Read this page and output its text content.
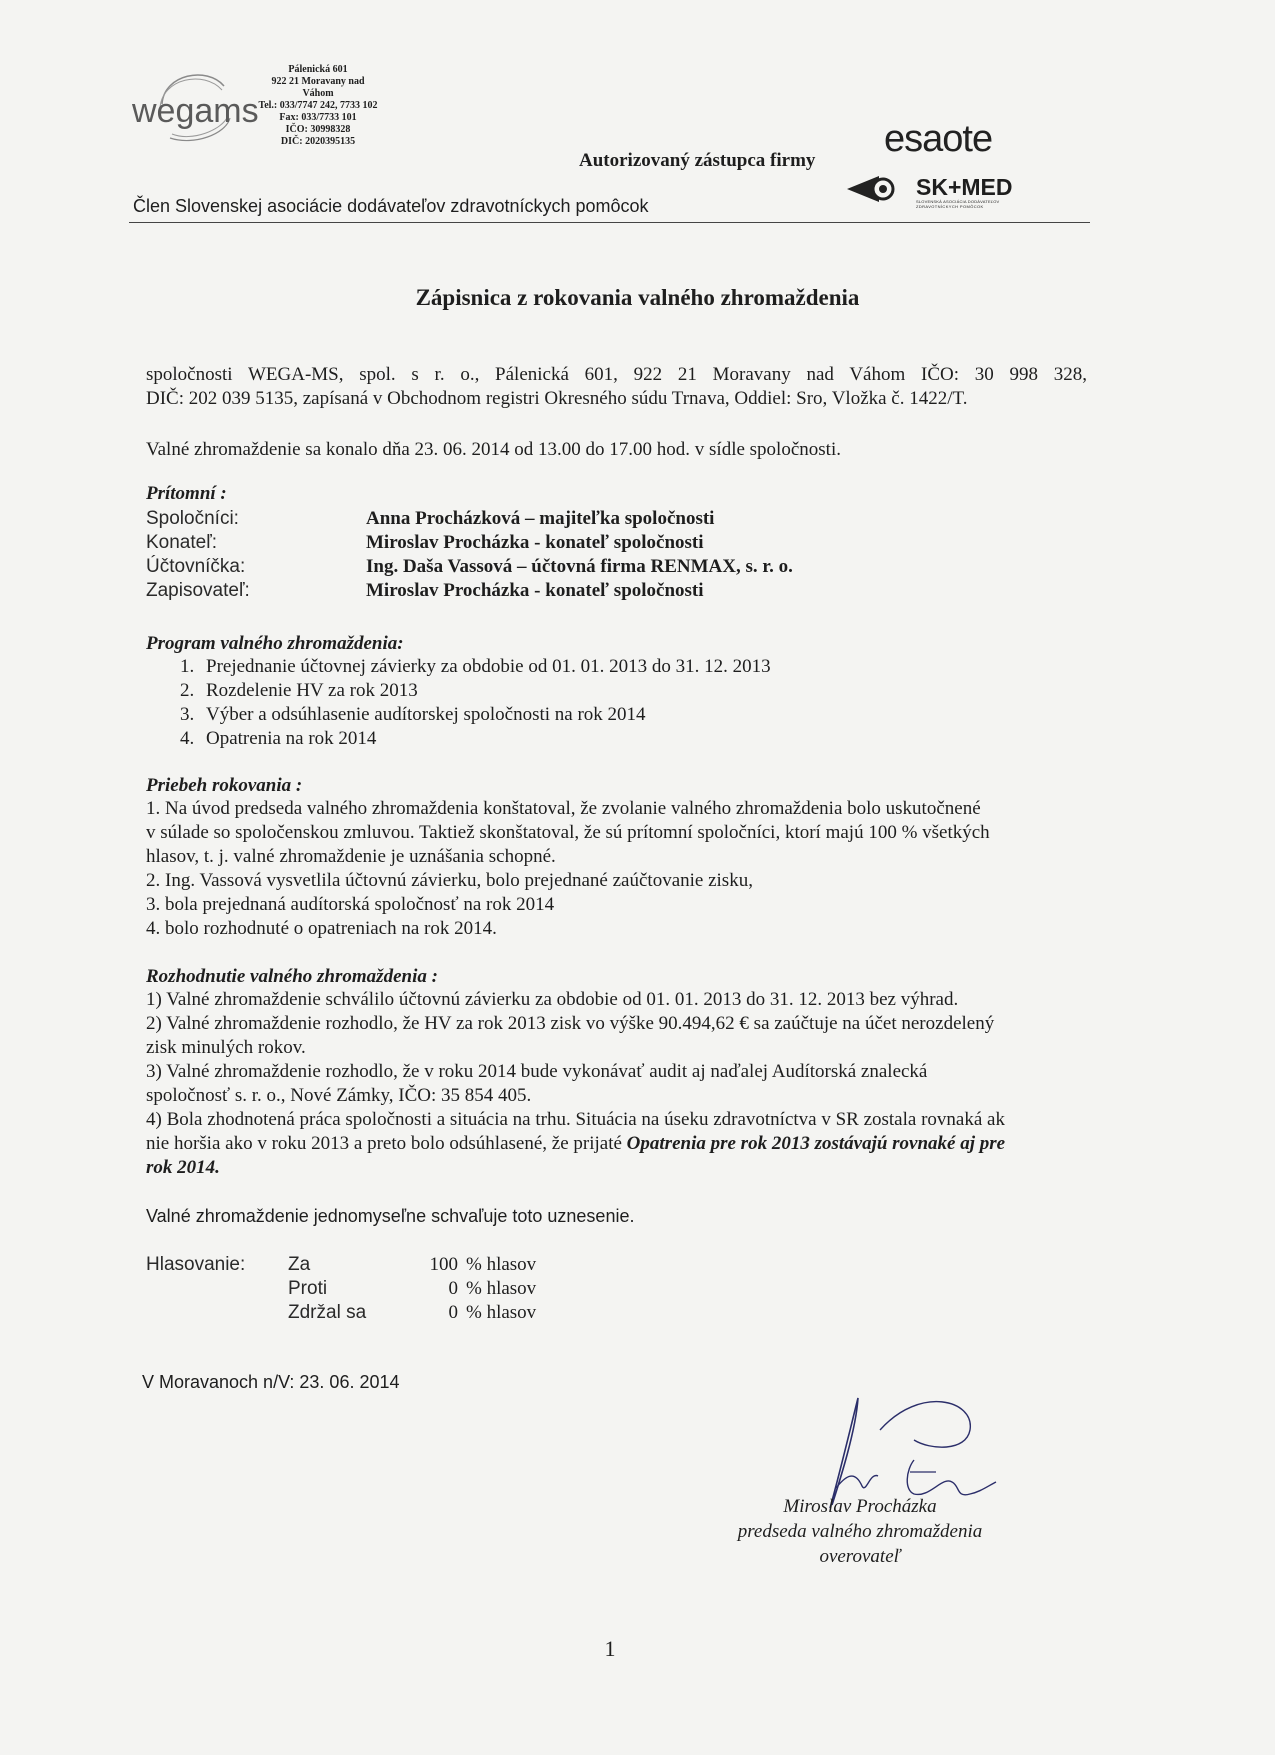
wegams
Pálenická 601
922 21 Moravany nad Váhom
Tel.: 033/7747 242, 7733 102
Fax: 033/7733 101
IČO: 30998328
DIČ: 2020395135
Autorizovaný zástupca firmy
Člen Slovenskej asociácie dodávateľov zdravotníckych pomôcok
esaote
SK+MED
SLOVENSKÁ ASOCIÁCIA DODÁVATEĽOV
ZDRAVOTNÍCKYCH POMÔCOK
Zápisnica z rokovania valného zhromaždenia
spoločnosti WEGA-MS, spol. s r. o., Pálenická 601, 922 21 Moravany nad Váhom IČO: 30 998 328,
DIČ: 202 039 5135, zapísaná v Obchodnom registri Okresného súdu Trnava, Oddiel: Sro, Vložka č. 1422/T.
Valné zhromaždenie sa konalo dňa 23. 06. 2014 od 13.00 do 17.00 hod. v sídle spoločnosti.
Prítomní :
Spoločníci:	Anna Procházková – majiteľka spoločnosti
Konateľ:	Miroslav Procházka - konateľ spoločnosti
Účtovníčka:	Ing. Daša Vassová – účtovná firma RENMAX, s. r. o.
Zapisovateľ:	Miroslav Procházka - konateľ spoločnosti
Program valného zhromaždenia:
1. Prejednanie účtovnej závierky za obdobie od 01. 01. 2013 do 31. 12. 2013
2. Rozdelenie HV za rok 2013
3. Výber a odsúhlasenie audítorskej spoločnosti na rok 2014
4. Opatrenia na rok 2014
Priebeh rokovania :
1. Na úvod predseda valného zhromaždenia konštatoval, že zvolanie valného zhromaždenia bolo uskutočnené
v súlade so spoločenskou zmluvou. Taktiež skonštatoval, že sú prítomní spoločníci, ktorí majú 100 % všetkých
hlasov, t. j. valné zhromaždenie je uznášania schopné.
2. Ing. Vassová vysvetlila účtovnú závierku, bolo prejednané zaúčtovanie zisku,
3. bola prejednaná audítorská spoločnosť na rok 2014
4. bolo rozhodnuté o opatreniach na rok 2014.
Rozhodnutie valného zhromaždenia :
1) Valné zhromaždenie schválilo účtovnú závierku za obdobie od 01. 01. 2013 do 31. 12. 2013 bez výhrad.
2) Valné zhromaždenie rozhodlo, že HV za rok 2013 zisk vo výške 90.494,62 € sa zaúčtuje na účet nerozdelený
zisk minulých rokov.
3) Valné zhromaždenie rozhodlo, že v roku 2014 bude vykonávať audit aj naďalej Audítorská znalecká
spoločnosť s. r. o., Nové Zámky, IČO: 35 854 405.
4) Bola zhodnotená práca spoločnosti a situácia na trhu. Situácia na úseku zdravotníctva v SR zostala rovnaká ak
nie horšia ako v roku 2013 a preto bolo odsúhlasené, že prijaté Opatrenia pre rok 2013 zostávajú rovnaké aj pre
rok 2014.
Valné zhromaždenie jednomyseľne schvaľuje toto uznesenie.
Hlasovanie: Za	100 % hlasov
Proti	0 % hlasov
Zdržal sa	0 % hlasov
V Moravanoch n/V: 23. 06. 2014
Miroslav Procházka
predseda valného zhromaždenia
overovateľ
1
